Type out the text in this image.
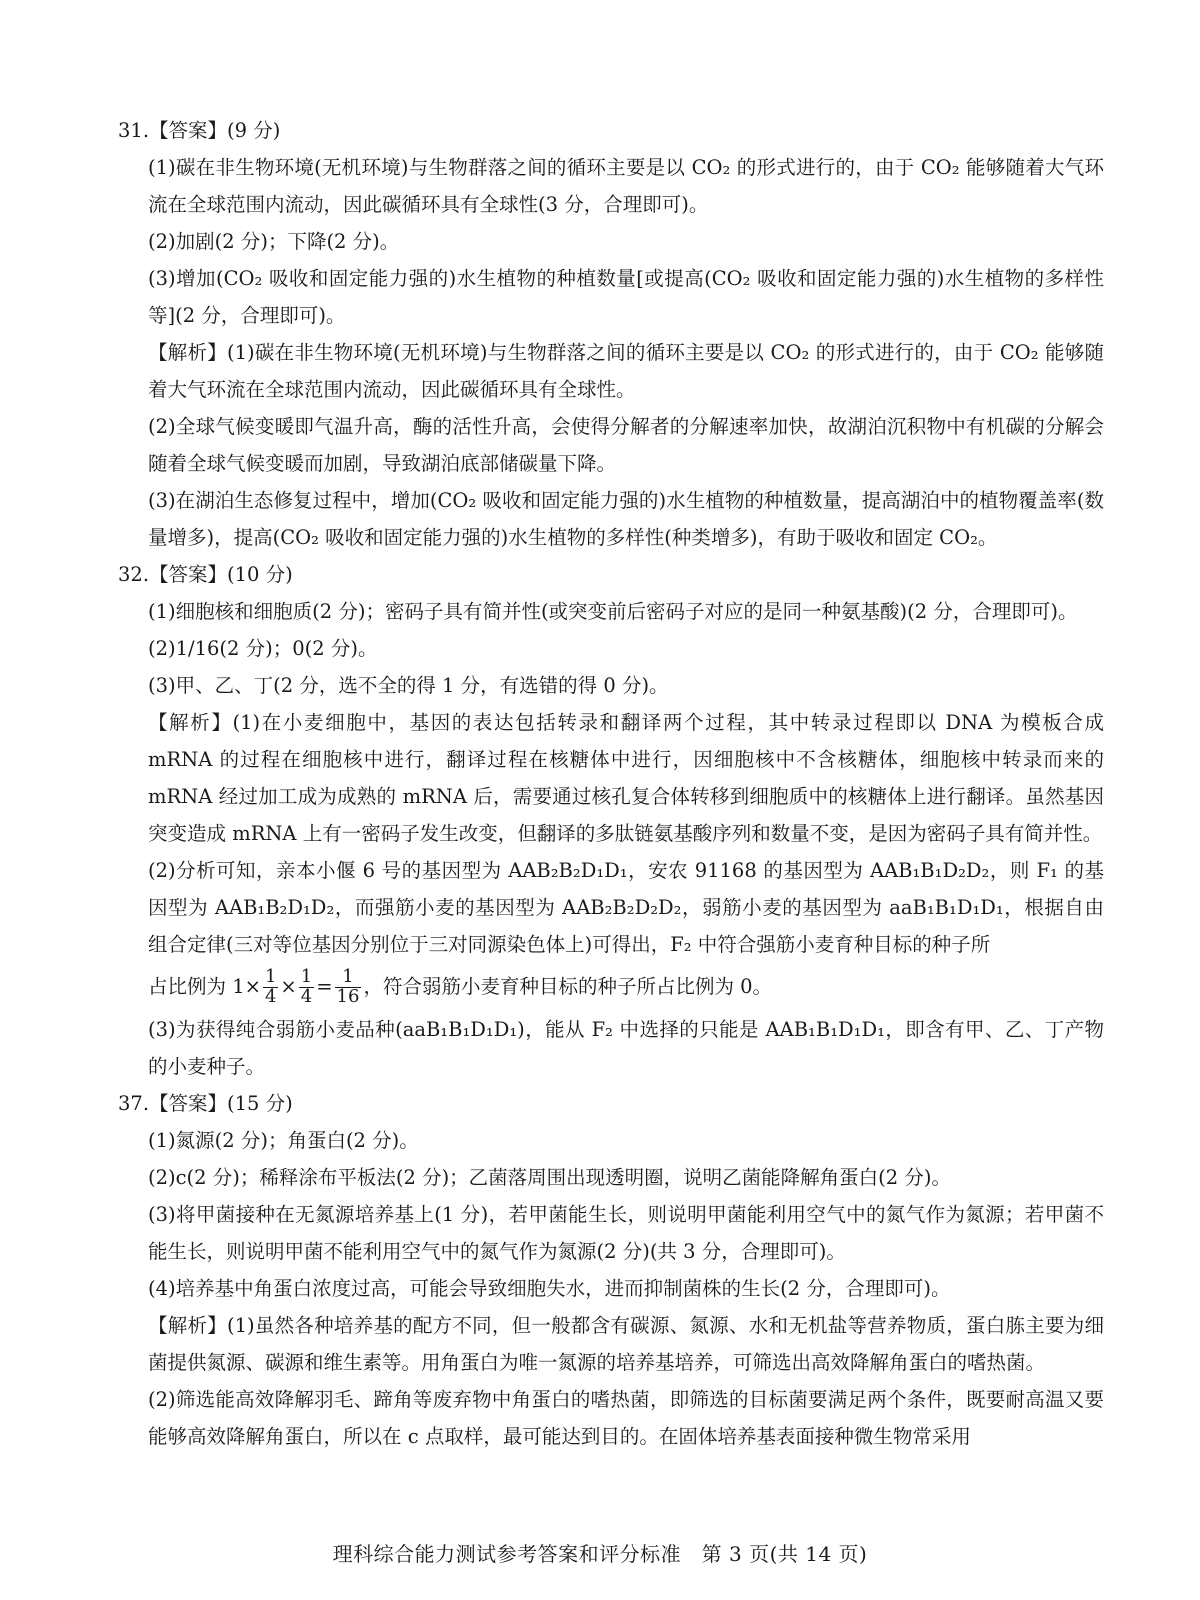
31.【答案】(9 分)

(1)碳在非生物环境(无机环境)与生物群落之间的循环主要是以 CO₂ 的形式进行的，由于 CO₂ 能够随着大气环流在全球范围内流动，因此碳循环具有全球性(3 分，合理即可)。

(2)加剧(2 分)；下降(2 分)。

(3)增加(CO₂ 吸收和固定能力强的)水生植物的种植数量[或提高(CO₂ 吸收和固定能力强的)水生植物的多样性等](2 分，合理即可)。

【解析】(1)碳在非生物环境(无机环境)与生物群落之间的循环主要是以 CO₂ 的形式进行的，由于 CO₂ 能够随着大气环流在全球范围内流动，因此碳循环具有全球性。

(2)全球气候变暖即气温升高，酶的活性升高，会使得分解者的分解速率加快，故湖泊沉积物中有机碳的分解会随着全球气候变暖而加剧，导致湖泊底部储碳量下降。

(3)在湖泊生态修复过程中，增加(CO₂ 吸收和固定能力强的)水生植物的种植数量，提高湖泊中的植物覆盖率(数量增多)，提高(CO₂ 吸收和固定能力强的)水生植物的多样性(种类增多)，有助于吸收和固定 CO₂。

32.【答案】(10 分)

(1)细胞核和细胞质(2 分)；密码子具有简并性(或突变前后密码子对应的是同一种氨基酸)(2 分，合理即可)。

(2)1/16(2 分)；0(2 分)。

(3)甲、乙、丁(2 分，选不全的得 1 分，有选错的得 0 分)。

【解析】(1)在小麦细胞中，基因的表达包括转录和翻译两个过程，其中转录过程即以 DNA 为模板合成 mRNA 的过程在细胞核中进行，翻译过程在核糖体中进行，因细胞核中不含核糖体，细胞核中转录而来的 mRNA 经过加工成为成熟的 mRNA 后，需要通过核孔复合体转移到细胞质中的核糖体上进行翻译。虽然基因突变造成 mRNA 上有一密码子发生改变，但翻译的多肽链氨基酸序列和数量不变，是因为密码子具有简并性。

(2)分析可知，亲本小偃 6 号的基因型为 AAB₂B₂D₁D₁，安农 91168 的基因型为 AAB₁B₁D₂D₂，则 F₁ 的基因型为 AAB₁B₂D₁D₂，而强筋小麦的基因型为 AAB₂B₂D₂D₂，弱筋小麦的基因型为 aaB₁B₁D₁D₁，根据自由组合定律(三对等位基因分别位于三对同源染色体上)可得出，F₂ 中符合强筋小麦育种目标的种子所

占比例为 $1\times \frac{1}{4} \times \frac{1}{4} = \frac{1}{16}$ ，符合弱筋小麦育种目标的种子所占比例为 0。

(3)为获得纯合弱筋小麦品种(aaB₁B₁D₁D₁)，能从 F₂ 中选择的只能是 AAB₁B₁D₁D₁，即含有甲、乙、丁产物的小麦种子。

37.【答案】(15 分)

(1)氮源(2 分)；角蛋白(2 分)。

(2)c(2 分)；稀释涂布平板法(2 分)；乙菌落周围出现透明圈，说明乙菌能降解角蛋白(2 分)。

(3)将甲菌接种在无氮源培养基上(1 分)，若甲菌能生长，则说明甲菌能利用空气中的氮气作为氮源；若甲菌不能生长，则说明甲菌不能利用空气中的氮气作为氮源(2 分)(共 3 分，合理即可)。

(4)培养基中角蛋白浓度过高，可能会导致细胞失水，进而抑制菌株的生长(2 分，合理即可)。

【解析】(1)虽然各种培养基的配方不同，但一般都含有碳源、氮源、水和无机盐等营养物质，蛋白胨主要为细菌提供氮源、碳源和维生素等。用角蛋白为唯一氮源的培养基培养，可筛选出高效降解角蛋白的嗜热菌。

(2)筛选能高效降解羽毛、蹄角等废弃物中角蛋白的嗜热菌，即筛选的目标菌要满足两个条件，既要耐高温又要能够高效降解角蛋白，所以在 c 点取样，最可能达到目的。在固体培养基表面接种微生物常采用

理科综合能力测试参考答案和评分标准　第 3 页(共 14 页)
